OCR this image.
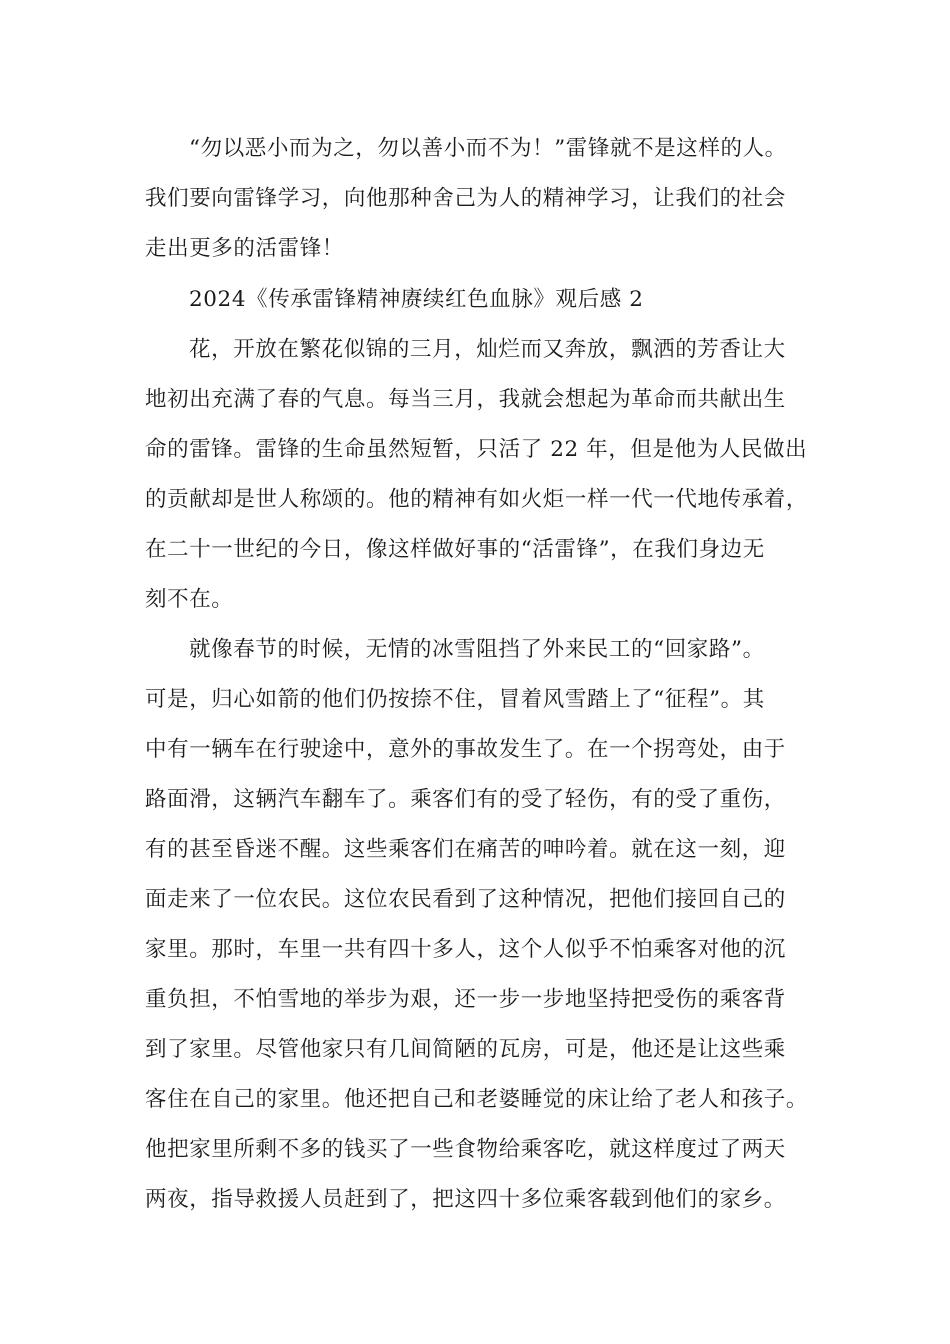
“勿以恶小而为之，勿以善小而不为！”雷锋就不是这样的人。

我们要向雷锋学习，向他那种舍己为人的精神学习，让我们的社会

走出更多的活雷锋！

2024《传承雷锋精神赓续红色血脉》观后感 2

花，开放在繁花似锦的三月，灿烂而又奔放，飘洒的芳香让大

地初出充满了春的气息。每当三月，我就会想起为革命而共献出生

命的雷锋。雷锋的生命虽然短暂，只活了 22 年，但是他为人民做出

的贡献却是世人称颂的。他的精神有如火炬一样一代一代地传承着，

在二十一世纪的今日，像这样做好事的“活雷锋”，在我们身边无

刻不在。

就像春节的时候，无情的冰雪阻挡了外来民工的“回家路”。

可是，归心如箭的他们仍按捺不住，冒着风雪踏上了“征程”。其

中有一辆车在行驶途中，意外的事故发生了。在一个拐弯处，由于

路面滑，这辆汽车翻车了。乘客们有的受了轻伤，有的受了重伤，

有的甚至昏迷不醒。这些乘客们在痛苦的呻吟着。就在这一刻，迎

面走来了一位农民。这位农民看到了这种情况，把他们接回自己的

家里。那时，车里一共有四十多人，这个人似乎不怕乘客对他的沉

重负担，不怕雪地的举步为艰，还一步一步地坚持把受伤的乘客背

到了家里。尽管他家只有几间简陋的瓦房，可是，他还是让这些乘

客住在自己的家里。他还把自己和老婆睡觉的床让给了老人和孩子。

他把家里所剩不多的钱买了一些食物给乘客吃，就这样度过了两天

两夜，指导救援人员赶到了，把这四十多位乘客载到他们的家乡。
